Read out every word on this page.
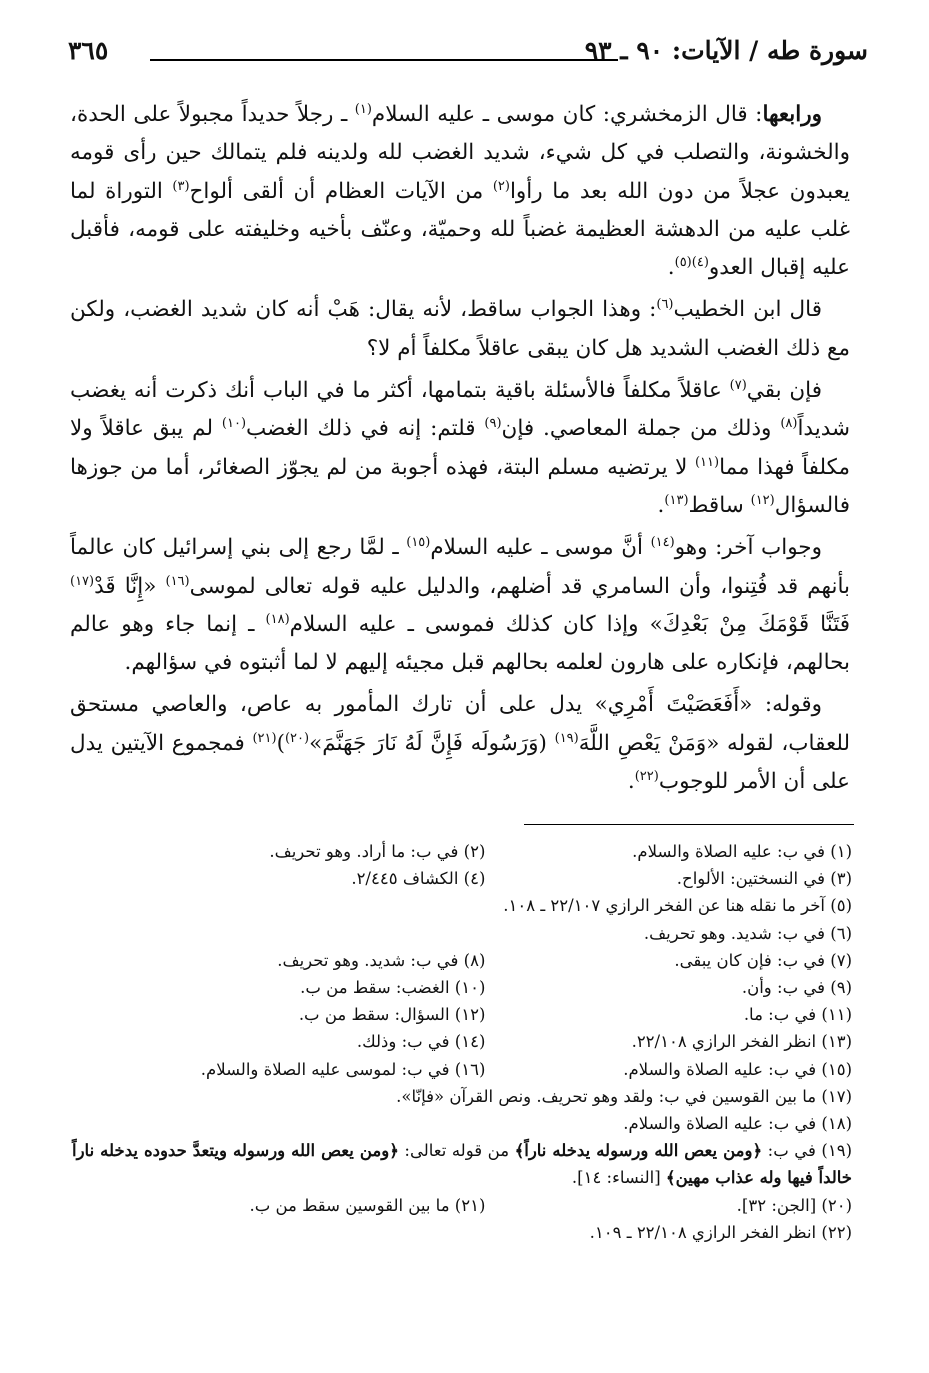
سورة طه / الآيات: ٩٠ ـ ٩٣
٣٦٥

ورابعها: قال الزمخشري: كان موسى ـ عليه السلام$^{(١)}$ ـ رجلاً حديداً مجبولاً على الحدة، والخشونة، والتصلب في كل شيء، شديد الغضب لله ولدينه فلم يتمالك حين رأى قومه يعبدون عجلاً من دون الله بعد ما رأوا$^{(٢)}$ من الآيات العظام أن ألقى ألواح$^{(٣)}$ التوراة لما غلب عليه من الدهشة العظيمة غضباً لله وحميّة، وعنّف بأخيه وخليفته على قومه، فأقبل عليه إقبال العدو$^{(٤)(٥)}$.

قال ابن الخطيب$^{(٦)}$: وهذا الجواب ساقط، لأنه يقال: هَبْ أنه كان شديد الغضب، ولكن مع ذلك الغضب الشديد هل كان يبقى عاقلاً مكلفاً أم لا؟

فإن بقي$^{(٧)}$ عاقلاً مكلفاً فالأسئلة باقية بتمامها، أكثر ما في الباب أنك ذكرت أنه يغضب شديداً$^{(٨)}$ وذلك من جملة المعاصي. فإن$^{(٩)}$ قلتم: إنه في ذلك الغضب$^{(١٠)}$ لم يبق عاقلاً ولا مكلفاً فهذا مما$^{(١١)}$ لا يرتضيه مسلم البتة، فهذه أجوبة من لم يجوّز الصغائر، أما من جوزها فالسؤال$^{(١٢)}$ ساقط$^{(١٣)}$.

وجواب آخر: وهو$^{(١٤)}$ أنَّ موسى ـ عليه السلام$^{(١٥)}$ ـ لمَّا رجع إلى بني إسرائيل كان عالماً بأنهم قد فُتِنوا، وأن السامري قد أضلهم، والدليل عليه قوله تعالى لموسى$^{(١٦)}$ «إِنَّا قَدْ$^{(١٧)}$ فَتَنَّا قَوْمَكَ مِنْ بَعْدِكَ» وإذا كان كذلك فموسى ـ عليه السلام$^{(١٨)}$ ـ إنما جاء وهو عالم بحالهم، فإنكاره على هارون لعلمه بحالهم قبل مجيئه إليهم لا لما أثبتوه في سؤالهم.

وقوله: «أَفَعَصَيْتَ أَمْرِي» يدل على أن تارك المأمور به عاص، والعاصي مستحق للعقاب، لقوله «وَمَنْ يَعْصِ اللَّهَ$^{(١٩)}$ (وَرَسُولَه فَإِنَّ لَهُ نَارَ جَهَنَّمَ»$^{(٢٠)}$)$^{(٢١)}$ فمجموع الآيتين يدل على أن الأمر للوجوب$^{(٢٢)}$.

(١) في ب: عليه الصلاة والسلام.
(٢) في ب: ما أراد. وهو تحريف.
(٣) في النسختين: الألواح.
(٤) الكشاف ٢/٤٤٥.
(٥) آخر ما نقله هنا عن الفخر الرازي ٢٢/١٠٧ ـ ١٠٨.
(٦) في ب: شديد. وهو تحريف.
(٧) في ب: فإن كان يبقى.
(٨) في ب: شديد. وهو تحريف.
(٩) في ب: وأن.
(١٠) الغضب: سقط من ب.
(١١) في ب: ما.
(١٢) السؤال: سقط من ب.
(١٣) انظر الفخر الرازي ٢٢/١٠٨.
(١٤) في ب: وذلك.
(١٥) في ب: عليه الصلاة والسلام.
(١٦) في ب: لموسى عليه الصلاة والسلام.
(١٧) ما بين القوسين في ب: ولقد وهو تحريف. ونص القرآن «فإنّا».
(١٨) في ب: عليه الصلاة والسلام.
(١٩) في ب: ﴿ومن يعص الله ورسوله يدخله ناراً﴾ من قوله تعالى: ﴿ومن يعص الله ورسوله ويتعدَّ حدوده يدخله ناراً خالداً فيها وله عذاب مهين﴾ [النساء: ١٤].
(٢٠) [الجن: ٣٢].
(٢١) ما بين القوسين سقط من ب.
(٢٢) انظر الفخر الرازي ٢٢/١٠٨ ـ ١٠٩.
